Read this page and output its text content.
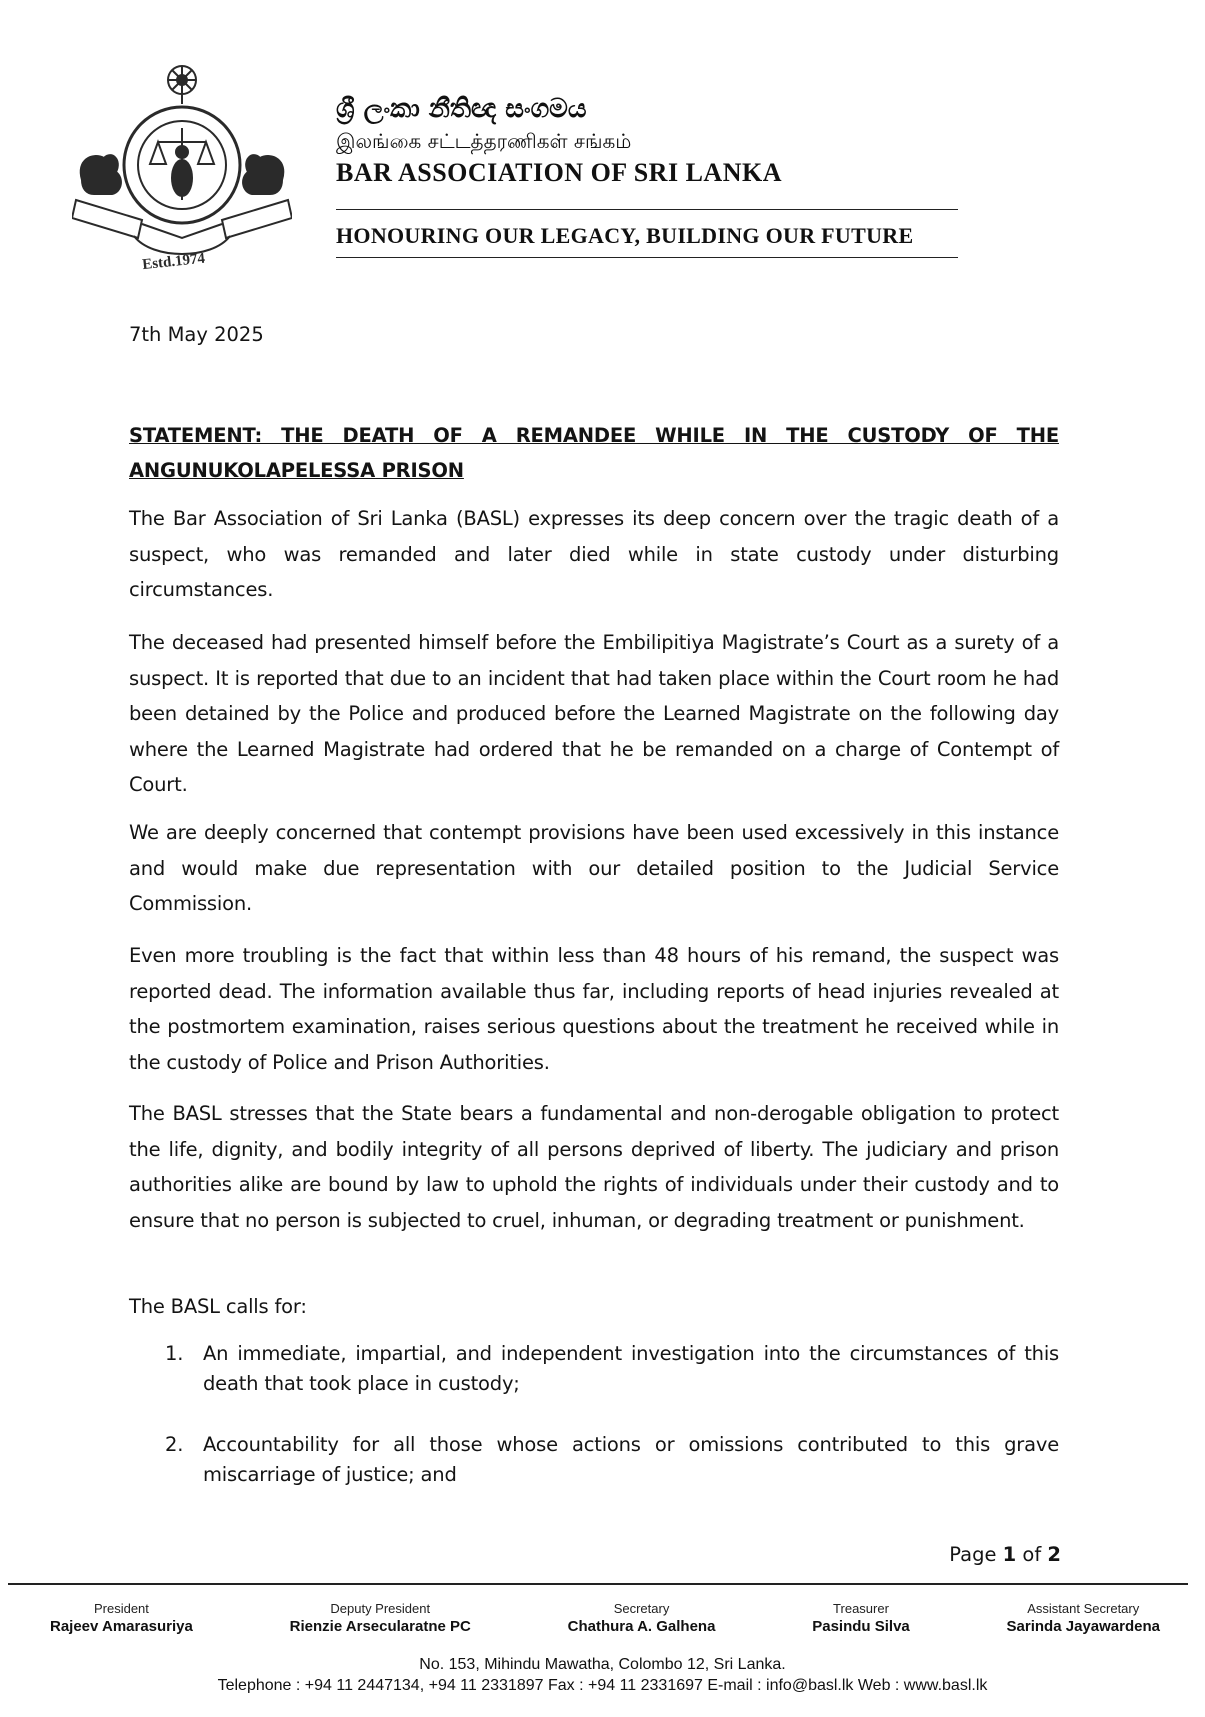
Estd.1974
ශ්‍රී ලංකා නීතිඥ සංගමය
இலங்கை சட்டத்தரணிகள் சங்கம்
BAR ASSOCIATION OF SRI LANKA
HONOURING OUR LEGACY, BUILDING OUR FUTURE
7th May 2025
STATEMENT: THE DEATH OF A REMANDEE WHILE IN THE CUSTODY OF THE ANGUNUKOLAPELESSA PRISON

The Bar Association of Sri Lanka (BASL) expresses its deep concern over the tragic death of a suspect, who was remanded and later died while in state custody under disturbing circumstances.

The deceased had presented himself before the Embilipitiya Magistrate’s Court as a surety of a suspect. It is reported that due to an incident that had taken place within the Court room he had been detained by the Police and produced before the Learned Magistrate on the following day where the Learned Magistrate had ordered that he be remanded on a charge of Contempt of Court.

We are deeply concerned that contempt provisions have been used excessively in this instance and would make due representation with our detailed position to the Judicial Service Commission.

Even more troubling is the fact that within less than 48 hours of his remand, the suspect was reported dead. The information available thus far, including reports of head injuries revealed at the postmortem examination, raises serious questions about the treatment he received while in the custody of Police and Prison Authorities.

The BASL stresses that the State bears a fundamental and non-derogable obligation to protect the life, dignity, and bodily integrity of all persons deprived of liberty. The judiciary and prison authorities alike are bound by law to uphold the rights of individuals under their custody and to ensure that no person is subjected to cruel, inhuman, or degrading treatment or punishment.

The BASL calls for:

1.	An immediate, impartial, and independent investigation into the circumstances of this death that took place in custody;
2.	Accountability for all those whose actions or omissions contributed to this grave miscarriage of justice; and
Page 1 of 2
President
Rajeev Amarasuriya
Deputy President
Rienzie Arsecularatne PC
Secretary
Chathura A. Galhena
Treasurer
Pasindu Silva
Assistant Secretary
Sarinda Jayawardena
No. 153, Mihindu Mawatha, Colombo 12, Sri Lanka.
Telephone : +94 11 2447134, +94 11 2331897 Fax : +94 11 2331697 E-mail : info@basl.lk Web : www.basl.lk
